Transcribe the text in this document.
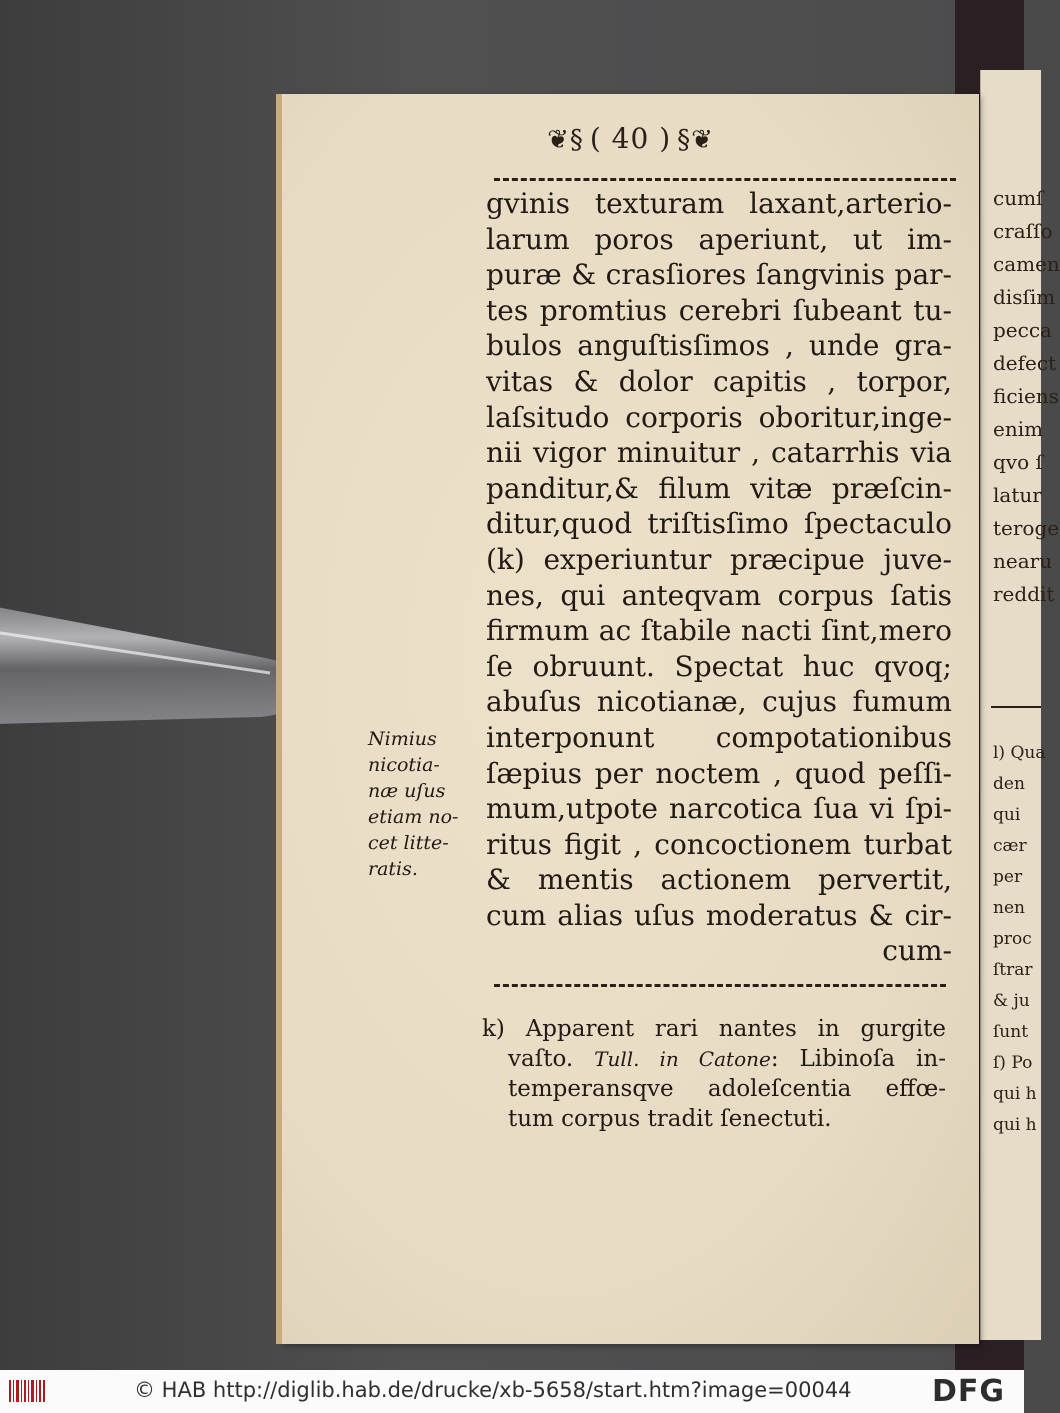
cumſ
craſſo
camen
disſim
pecca
defect
ficiens
enim
qvo ſ
latur
teroge
nearu
reddit
l) Qua
den
qui
cær
per
nen
proc
ſtrar
& ju
ſunt
ſ) Po
qui h
qui h
❦§ ( 40 ) §❦
gvinis texturam laxant,arterio-
larum poros aperiunt, ut im-
puræ & crasſiores ſangvinis par-
tes promtius cerebri ſubeant tu-
bulos anguſtisſimos , unde gra-
vitas & dolor capitis , torpor,
laſsitudo corporis oboritur,inge-
nii vigor minuitur , catarrhis via
panditur,& filum vitæ præſcin-
ditur,quod triſtisſimo ſpectaculo
(k) experiuntur præcipue juve-
nes, qui anteqvam corpus ſatis
firmum ac ſtabile nacti ſint,mero
ſe obruunt. Spectat huc qvoq;
abuſus nicotianæ, cujus fumum
interponunt compotationibus
ſæpius per noctem , quod peſſi-
mum,utpote narcotica ſua vi ſpi-
ritus figit , concoctionem turbat
& mentis actionem pervertit,
cum alias uſus moderatus & cir-
cum-
Nimius
nicotia-
næ uſus
etiam no-
cet litte-
ratis.
k) Apparent rari nantes in gurgite
vaſto. Tull. in Catone: Libinoſa in-
temperansqve adoleſcentia effœ-
tum corpus tradit ſenectuti.
© HAB http://diglib.hab.de/drucke/xb-5658/start.htm?image=00044	DFG
